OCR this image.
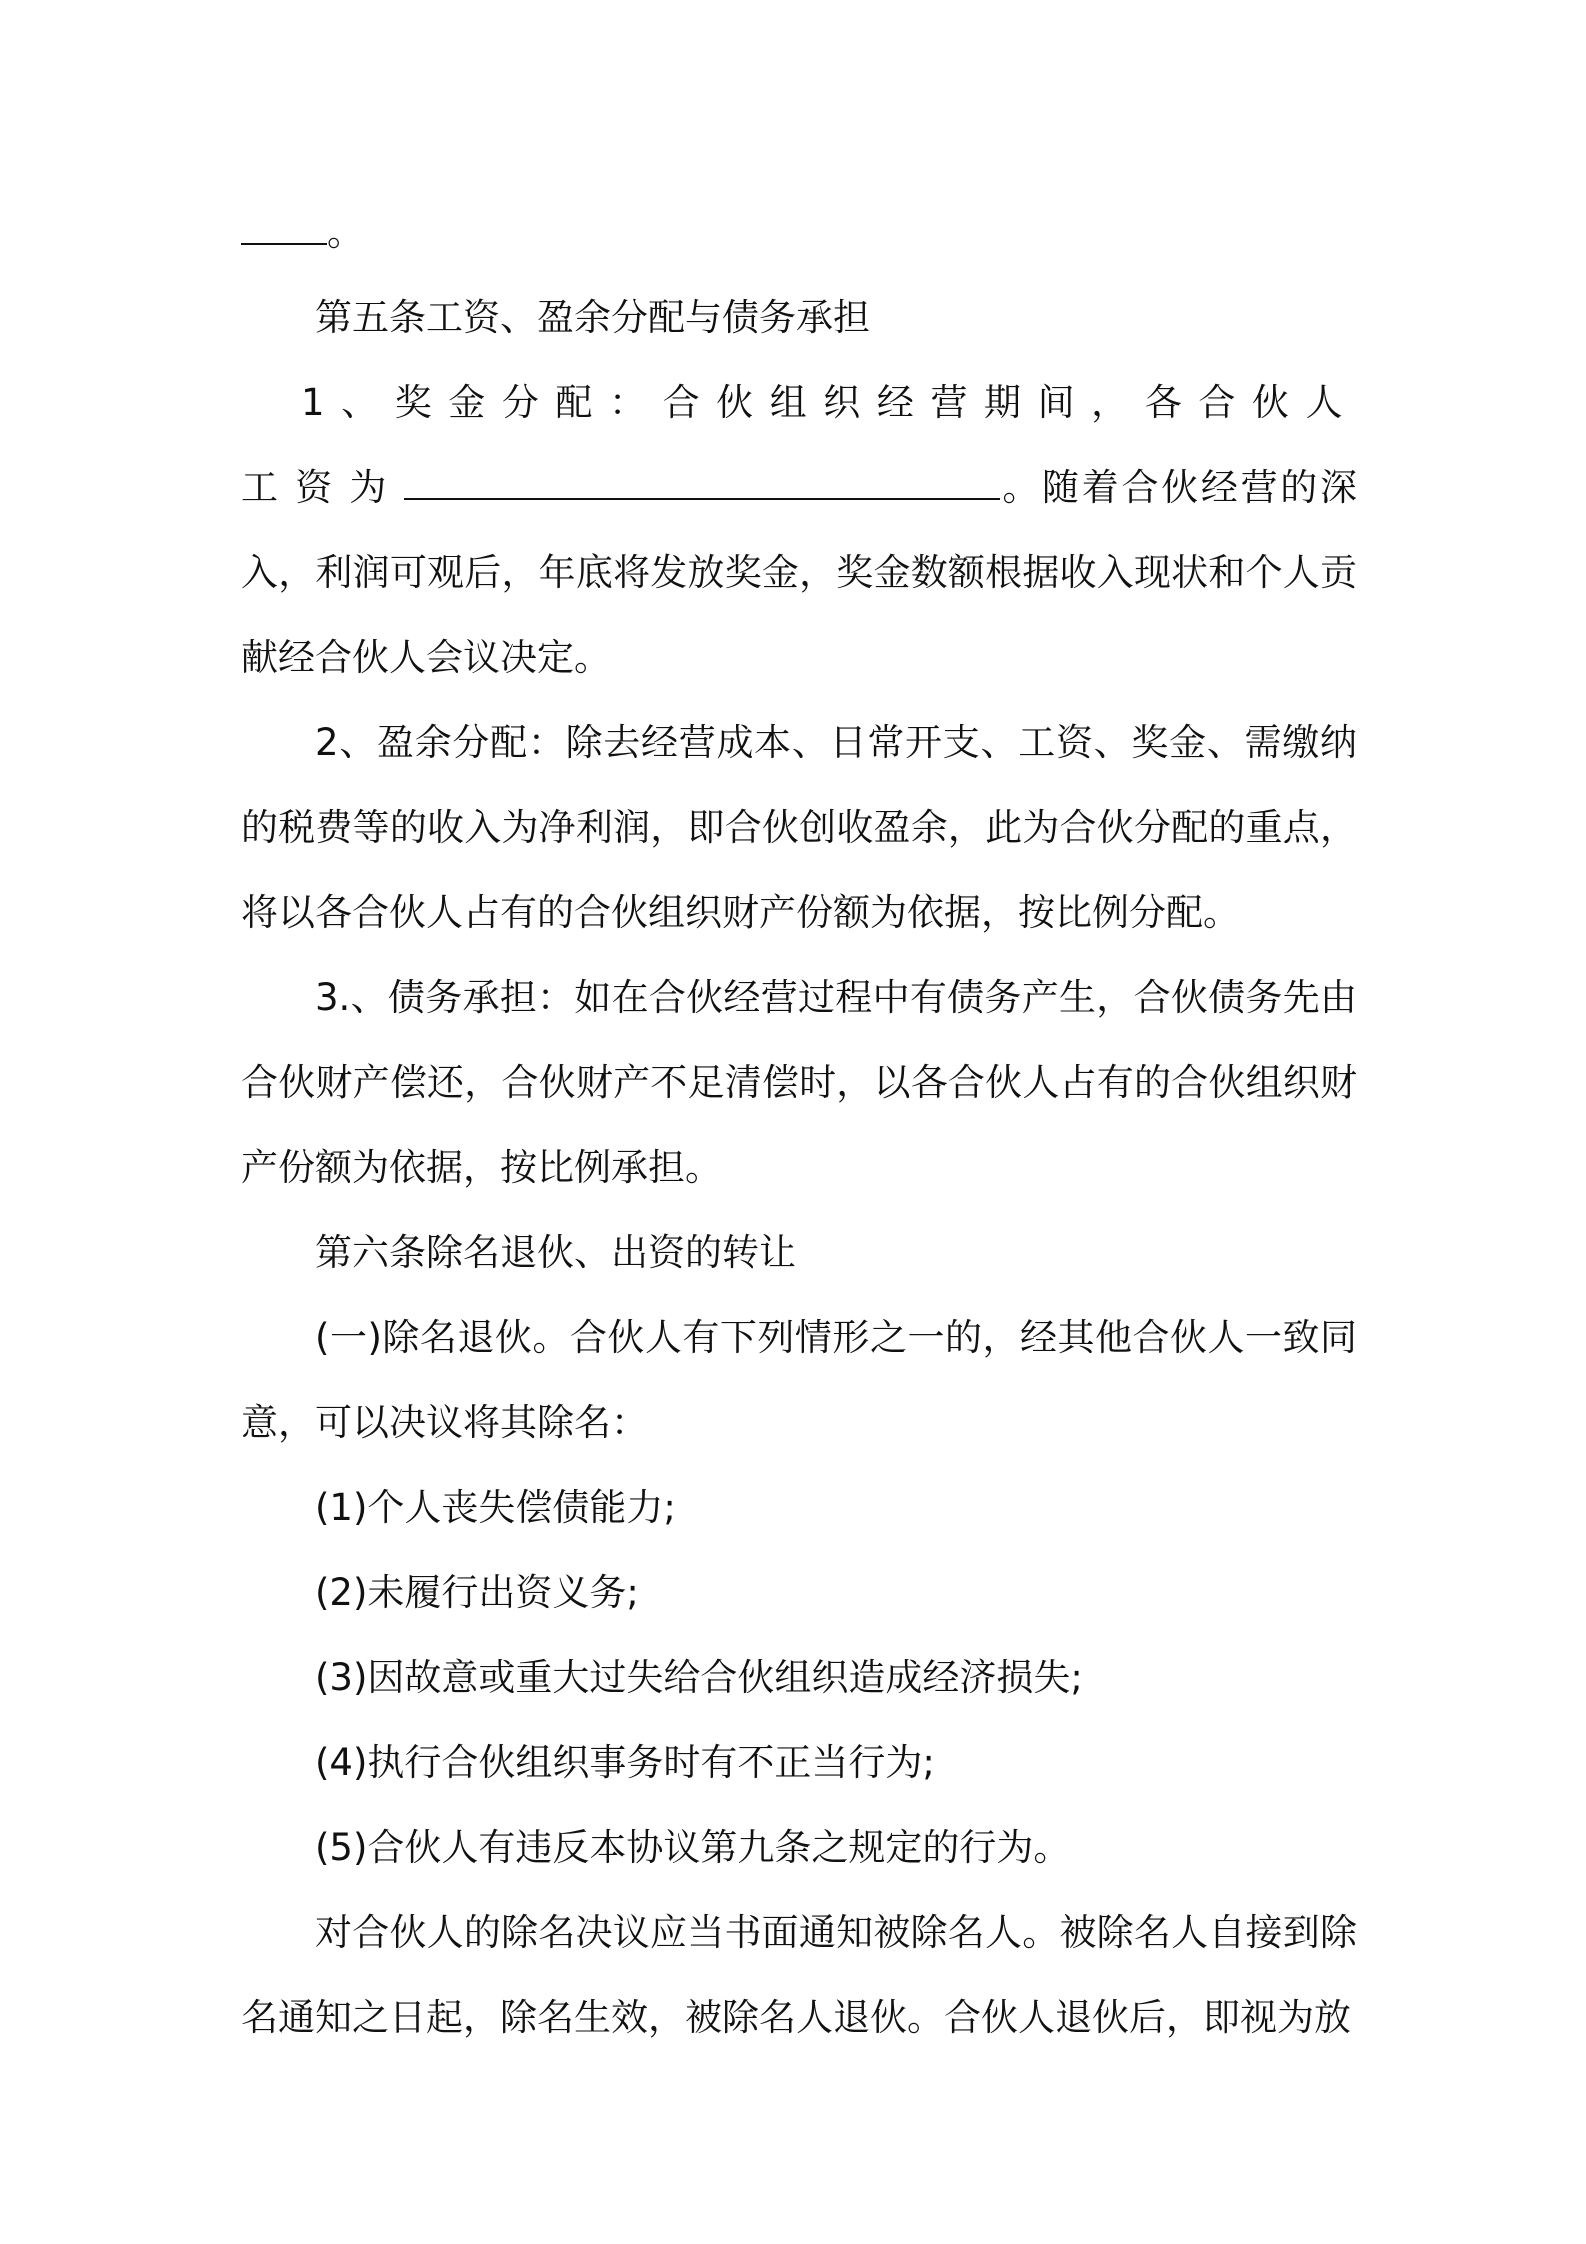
。

第五条工资、盈余分配与债务承担

1、奖金分配：合伙组织经营期间，各合伙人工资为	。随着合伙经营的深入，利润可观后，年底将发放奖金，奖金数额根据收入现状和个人贡献经合伙人会议决定。

2、盈余分配：除去经营成本、日常开支、工资、奖金、需缴纳的税费等的收入为净利润，即合伙创收盈余，此为合伙分配的重点，将以各合伙人占有的合伙组织财产份额为依据，按比例分配。

3.、债务承担：如在合伙经营过程中有债务产生，合伙债务先由合伙财产偿还，合伙财产不足清偿时，以各合伙人占有的合伙组织财产份额为依据，按比例承担。

第六条除名退伙、出资的转让

(一)除名退伙。合伙人有下列情形之一的，经其他合伙人一致同意，可以决议将其除名：

(1)个人丧失偿债能力;

(2)未履行出资义务;

(3)因故意或重大过失给合伙组织造成经济损失;

(4)执行合伙组织事务时有不正当行为;

(5)合伙人有违反本协议第九条之规定的行为。

对合伙人的除名决议应当书面通知被除名人。被除名人自接到除名通知之日起，除名生效，被除名人退伙。合伙人退伙后，即视为放
